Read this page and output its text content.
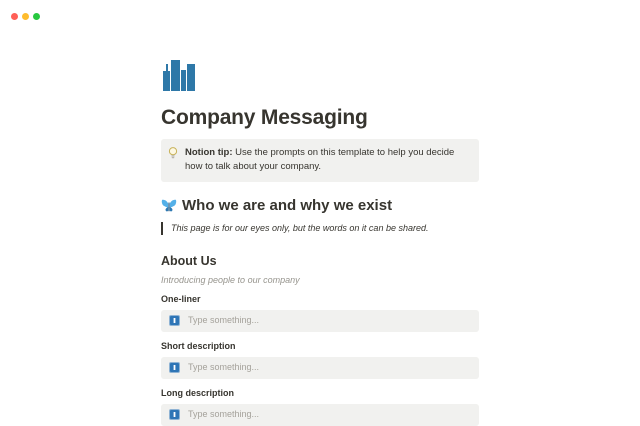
Company Messaging
Notion tip: Use the prompts on this template to help you decide how to talk about your company.
Who we are and why we exist
This page is for our eyes only, but the words on it can be shared.
About Us
Introducing people to our company
One-liner
Type something...
Short description
Type something...
Long description
Type something...
